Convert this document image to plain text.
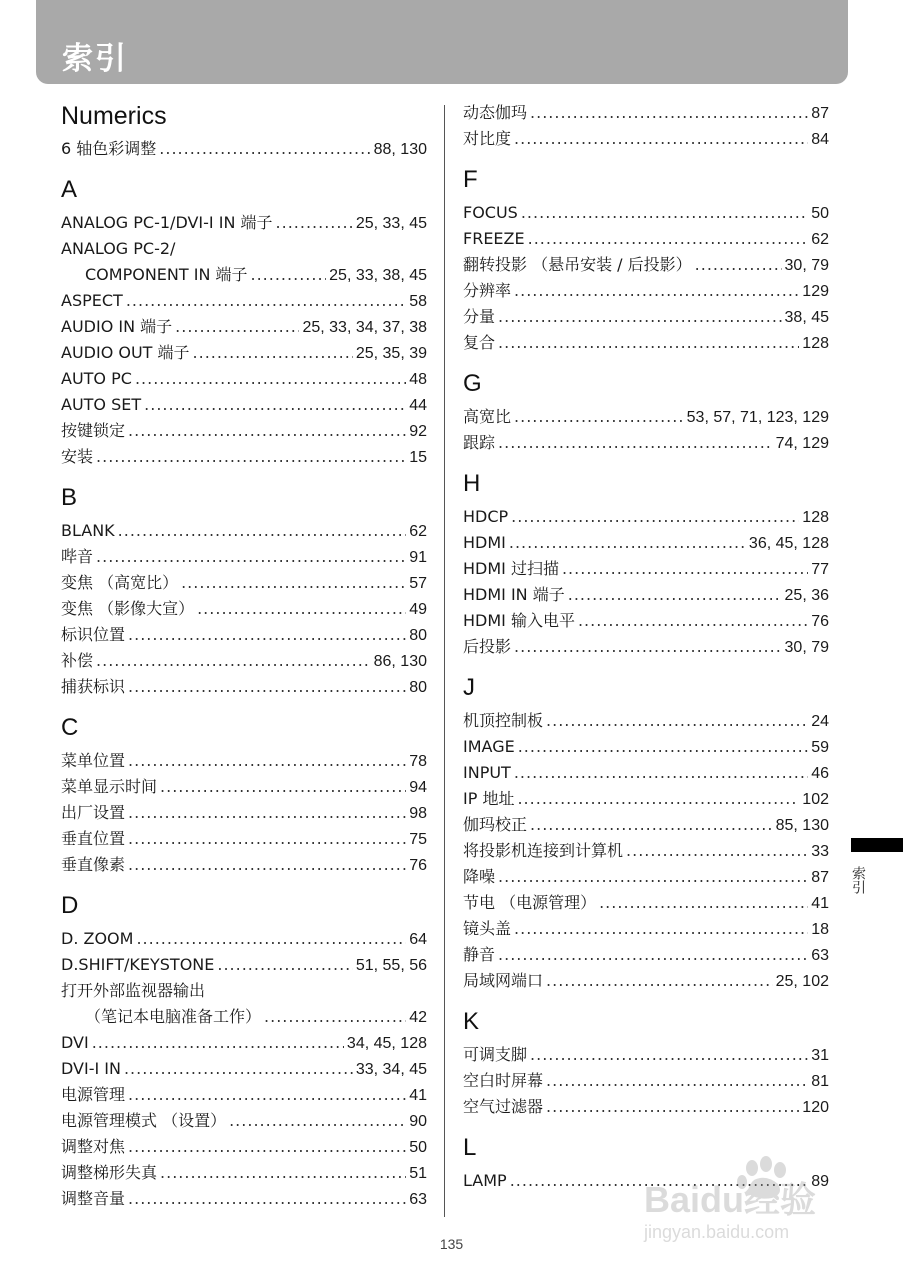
索引
Numerics
6 轴色彩调整 .....	88, 130
A
ANALOG PC-1/DVI-I IN 端子 .....	25, 33, 45
ANALOG PC-2/
COMPONENT IN 端子 .....	25, 33, 38, 45
ASPECT .....	58
AUDIO IN 端子 .....	25, 33, 34, 37, 38
AUDIO OUT 端子 .....	25, 35, 39
AUTO PC .....	48
AUTO SET .....	44
按键锁定 .....	92
安装 .....	15
B
BLANK .....	62
哔音 .....	91
变焦 （高宽比） .....	57
变焦 （影像大宣） .....	49
标识位置 .....	80
补偿 .....	86, 130
捕获标识 .....	80
C
菜单位置 .....	78
菜单显示时间 .....	94
出厂设置 .....	98
垂直位置 .....	75
垂直像素 .....	76
D
D. ZOOM .....	64
D.SHIFT/KEYSTONE .....	51, 55, 56
打开外部监视器输出
（笔记本电脑准备工作） .....	42
DVI .....	34, 45, 128
DVI-I IN .....	33, 34, 45
电源管理 .....	41
电源管理模式 （设置） .....	90
调整对焦 .....	50
调整梯形失真 .....	51
调整音量 .....	63
动态伽玛 .....	87
对比度 .....	84
F
FOCUS .....	50
FREEZE .....	62
翻转投影 （悬吊安装 / 后投影） .....	30, 79
分辨率 .....	129
分量 .....	38, 45
复合 .....	128
G
高宽比 .....	53, 57, 71, 123, 129
跟踪 .....	74, 129
H
HDCP .....	128
HDMI .....	36, 45, 128
HDMI 过扫描 .....	77
HDMI IN 端子 .....	25, 36
HDMI 输入电平 .....	76
后投影 .....	30, 79
J
机顶控制板 .....	24
IMAGE .....	59
INPUT .....	46
IP 地址 .....	102
伽玛校正 .....	85, 130
将投影机连接到计算机 .....	33
降噪 .....	87
节电 （电源管理） .....	41
镜头盖 .....	18
静音 .....	63
局域网端口 .....	25, 102
K
可调支脚 .....	31
空白时屏幕 .....	81
空气过滤器 .....	120
L
LAMP .....	89
索引
135
Baidu经验
jingyan.baidu.com
